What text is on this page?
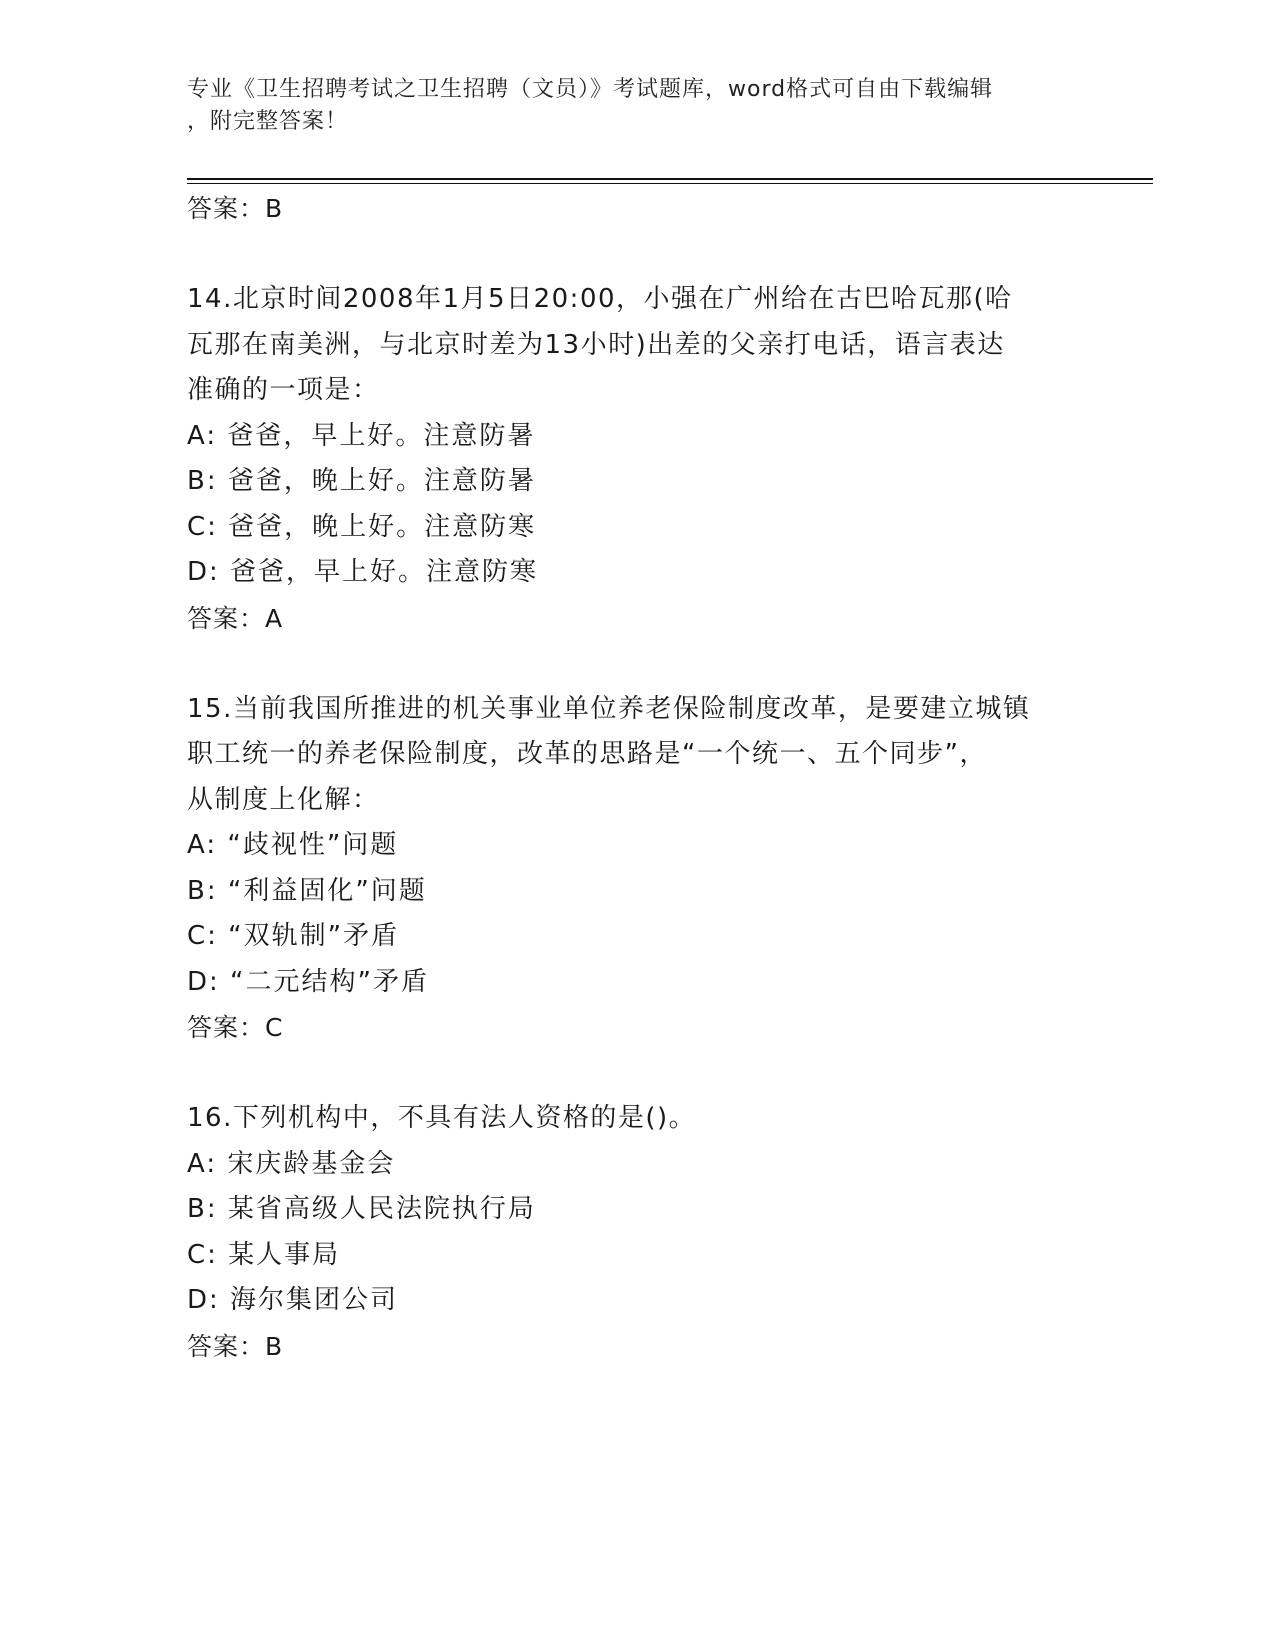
专业《卫生招聘考试之卫生招聘（文员）》考试题库，word格式可自由下载编辑
，附完整答案！
答案：B
14.北京时间2008年1月5日20:00，小强在广州给在古巴哈瓦那(哈
瓦那在南美洲，与北京时差为13小时)出差的父亲打电话，语言表达
准确的一项是：
A: 爸爸，早上好。注意防暑
B: 爸爸，晚上好。注意防暑
C: 爸爸，晚上好。注意防寒
D: 爸爸，早上好。注意防寒
答案：A
15.当前我国所推进的机关事业单位养老保险制度改革，是要建立城镇
职工统一的养老保险制度，改革的思路是“一个统一、五个同步”，
从制度上化解：
A: “歧视性”问题
B: “利益固化”问题
C: “双轨制”矛盾
D: “二元结构”矛盾
答案：C
16.下列机构中，不具有法人资格的是()。
A: 宋庆龄基金会
B: 某省高级人民法院执行局
C: 某人事局
D: 海尔集团公司
答案：B
